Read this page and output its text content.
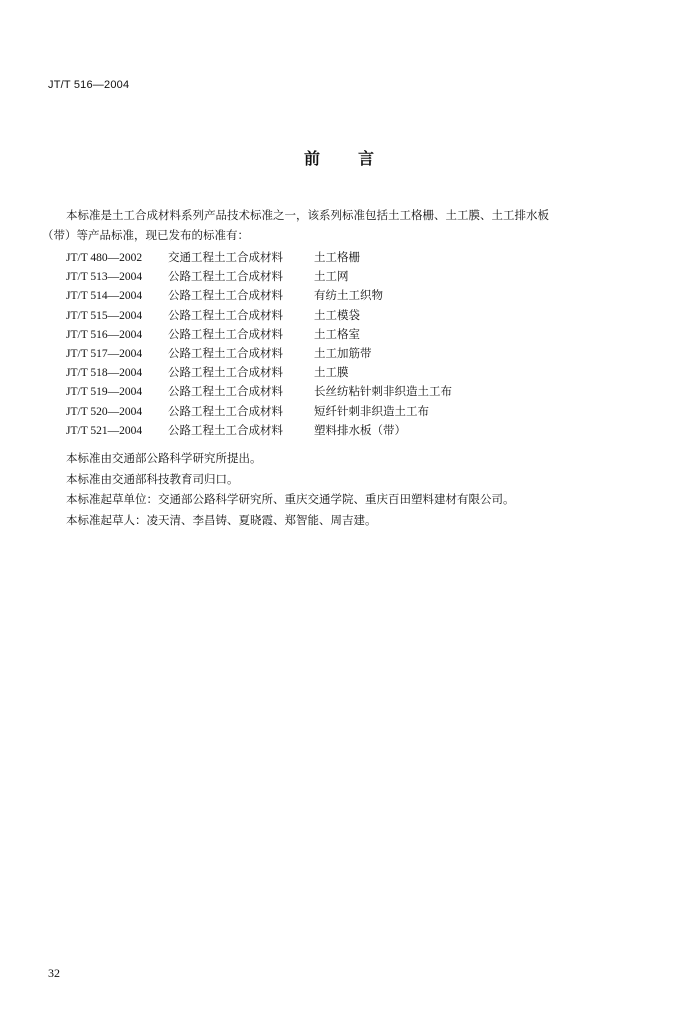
JT/T 516—2004
前 言

本标准是土工合成材料系列产品技术标准之一，该系列标准包括土工格栅、土工膜、土工排水板

（带）等产品标准，现已发布的标准有：

JT/T 480—2002 交通工程土工合成材料	土工格栅
JT/T 513—2004 公路工程土工合成材料	土工网
JT/T 514—2004 公路工程土工合成材料	有纺土工织物
JT/T 515—2004 公路工程土工合成材料	土工模袋
JT/T 516—2004 公路工程土工合成材料	土工格室
JT/T 517—2004 公路工程土工合成材料	土工加筋带
JT/T 518—2004 公路工程土工合成材料	土工膜
JT/T 519—2004 公路工程土工合成材料	长丝纺粘针刺非织造土工布
JT/T 520—2004 公路工程土工合成材料	短纤针刺非织造土工布
JT/T 521—2004 公路工程土工合成材料	塑料排水板（带）

本标准由交通部公路科学研究所提出。

本标准由交通部科技教育司归口。

本标准起草单位：交通部公路科学研究所、重庆交通学院、重庆百田塑料建材有限公司。

本标准起草人：凌天清、李昌铸、夏晓霞、郑智能、周吉建。

32
